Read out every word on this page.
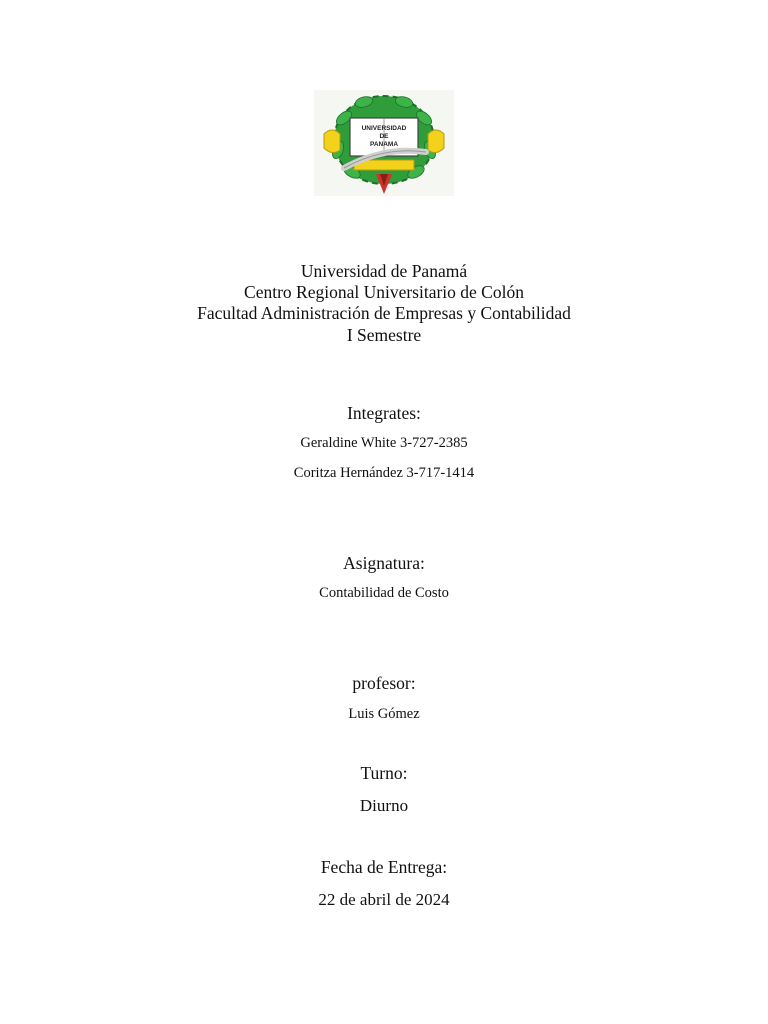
UNIVERSIDAD
DE
PANAMA
Universidad de Panamá
Centro Regional Universitario de Colón
Facultad Administración de Empresas y Contabilidad
I Semestre
Integrates:
Geraldine White 3-727-2385
Coritza Hernández 3-717-1414
Asignatura:
Contabilidad de Costo
profesor:
Luis Gómez
Turno:
Diurno
Fecha de Entrega:
22 de abril de 2024
